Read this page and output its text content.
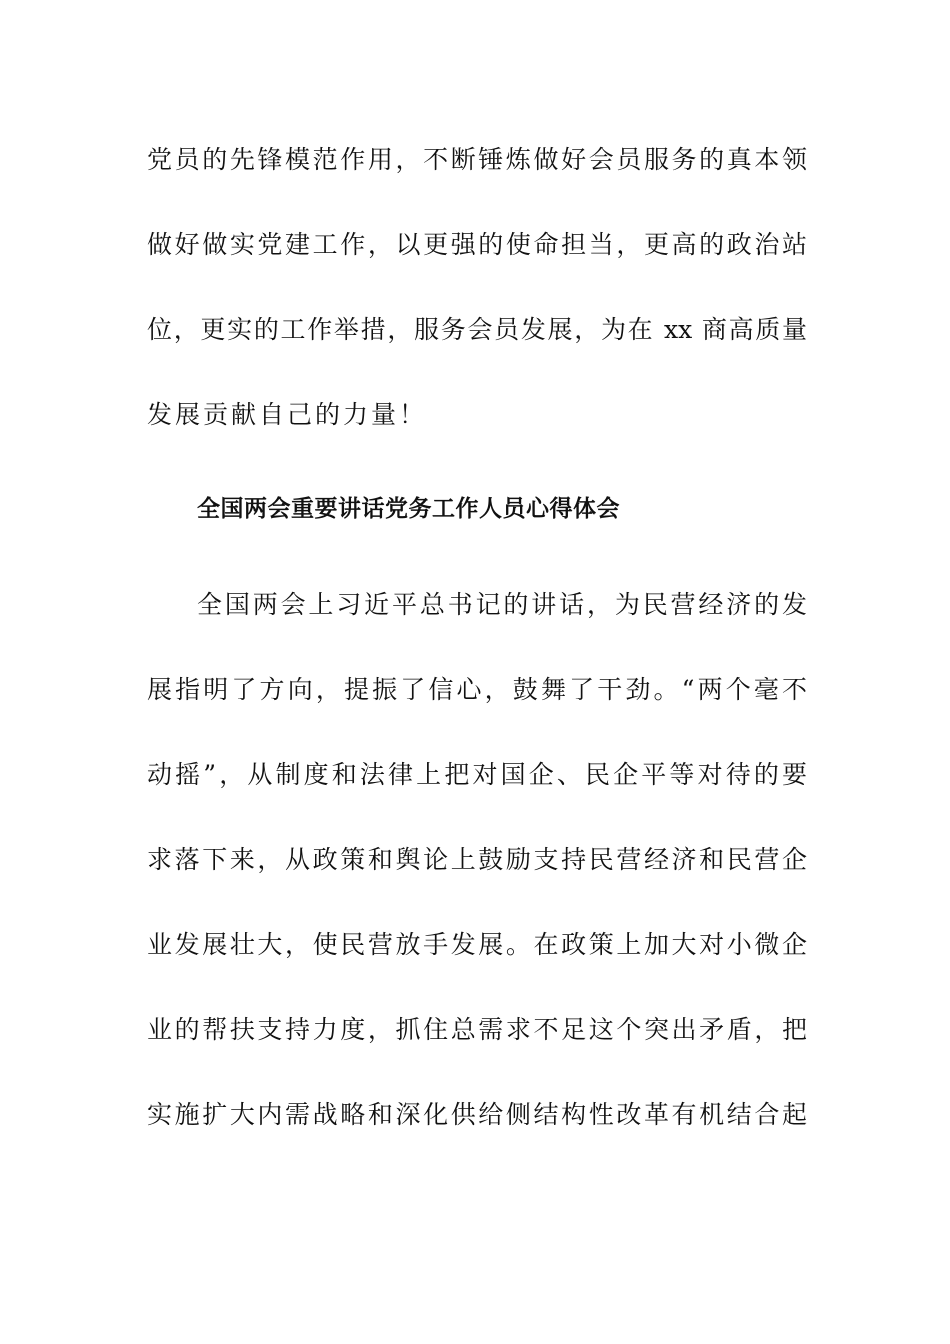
党员的先锋模范作用，不断锤炼做好会员服务的真本领
做好做实党建工作，以更强的使命担当，更高的政治站
位，更实的工作举措，服务会员发展，为在 xx 商高质量
发展贡献自己的力量！
全国两会重要讲话党务工作人员心得体会
全国两会上习近平总书记的讲话，为民营经济的发
展指明了方向，提振了信心，鼓舞了干劲。“两个毫不
动摇”，从制度和法律上把对国企、民企平等对待的要
求落下来，从政策和舆论上鼓励支持民营经济和民营企
业发展壮大，使民营放手发展。在政策上加大对小微企
业的帮扶支持力度，抓住总需求不足这个突出矛盾，把
实施扩大内需战略和深化供给侧结构性改革有机结合起
